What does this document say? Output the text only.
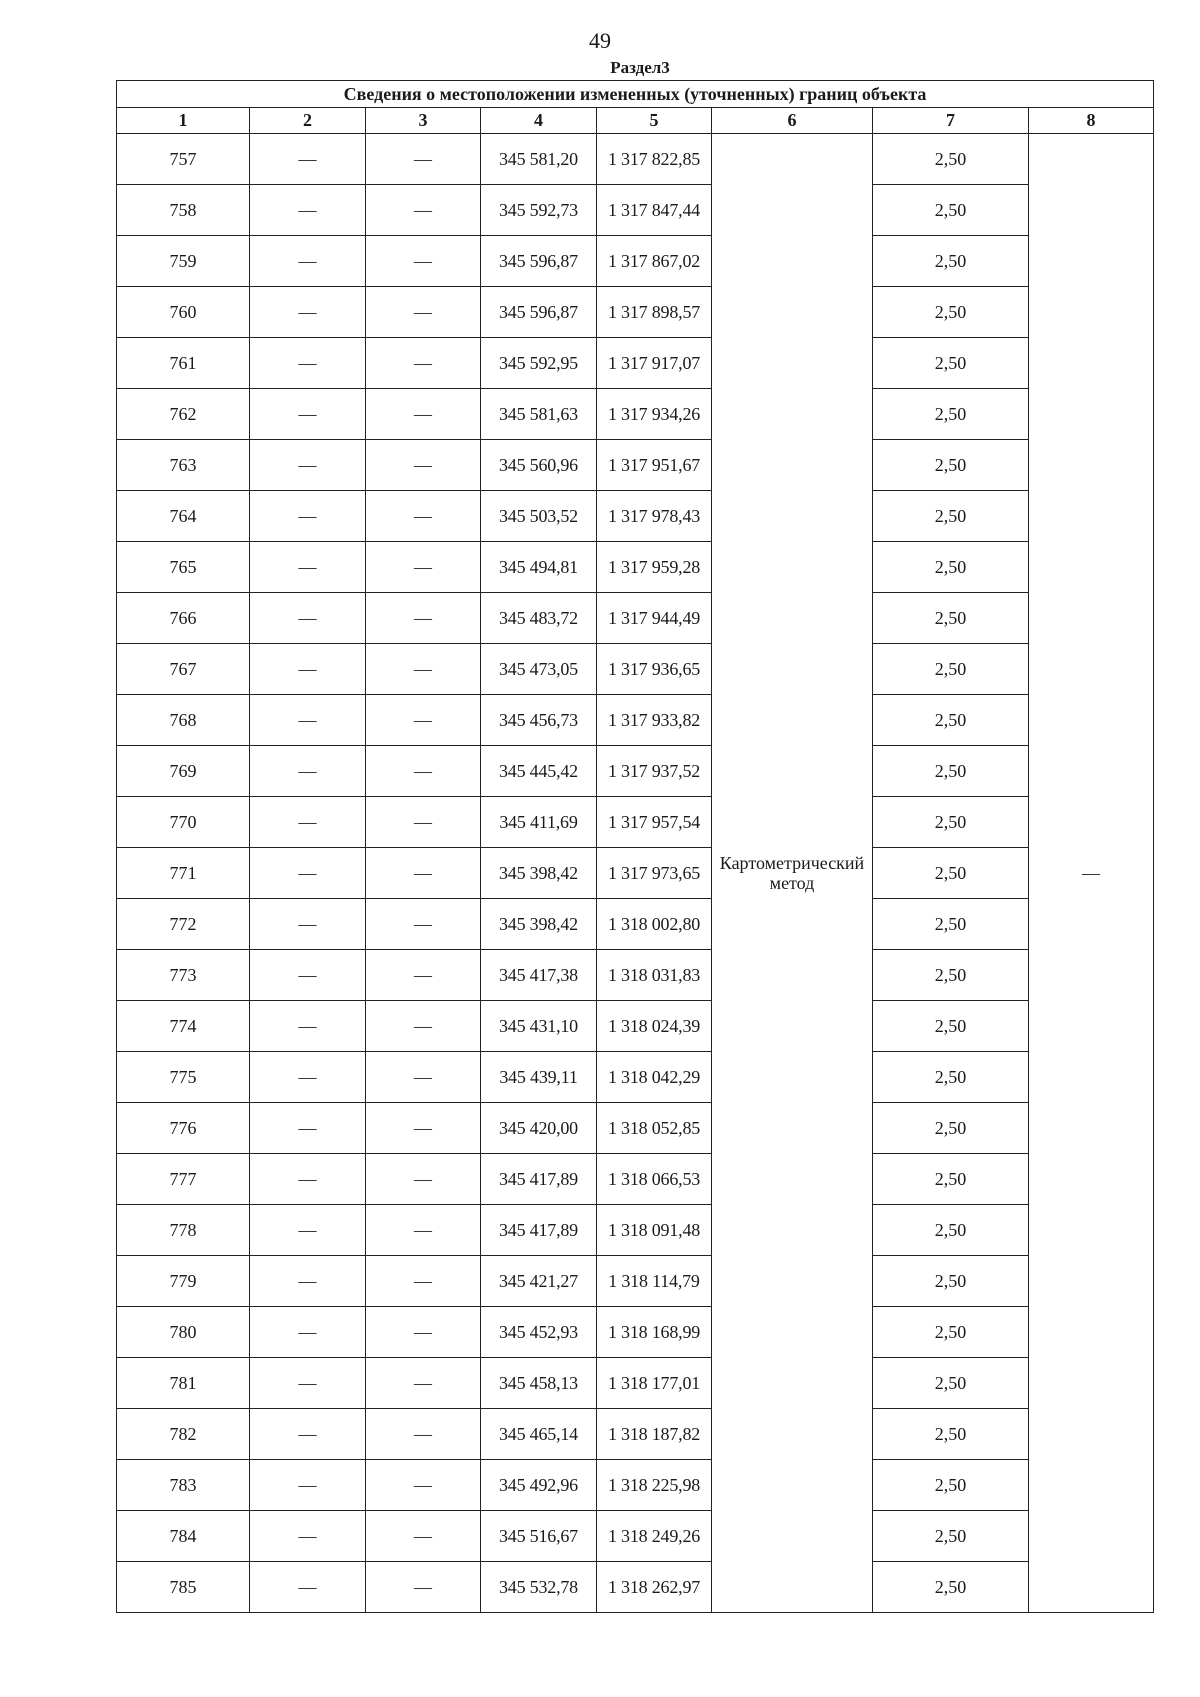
49
Раздел3
Сведения о местоположении измененных (уточненных) границ объекта							
1	2	3	4	5	6	7	8
757	—	—	345 581,20	1 317 822,85	Картометрический метод	2,50	—
758	—	—	345 592,73	1 317 847,44		2,50	
759	—	—	345 596,87	1 317 867,02		2,50	
760	—	—	345 596,87	1 317 898,57		2,50	
761	—	—	345 592,95	1 317 917,07		2,50	
762	—	—	345 581,63	1 317 934,26		2,50	
763	—	—	345 560,96	1 317 951,67		2,50	
764	—	—	345 503,52	1 317 978,43		2,50	
765	—	—	345 494,81	1 317 959,28		2,50	
766	—	—	345 483,72	1 317 944,49		2,50	
767	—	—	345 473,05	1 317 936,65		2,50	
768	—	—	345 456,73	1 317 933,82		2,50	
769	—	—	345 445,42	1 317 937,52		2,50	
770	—	—	345 411,69	1 317 957,54		2,50	
771	—	—	345 398,42	1 317 973,65		2,50	
772	—	—	345 398,42	1 318 002,80		2,50	
773	—	—	345 417,38	1 318 031,83		2,50	
774	—	—	345 431,10	1 318 024,39		2,50	
775	—	—	345 439,11	1 318 042,29		2,50	
776	—	—	345 420,00	1 318 052,85		2,50	
777	—	—	345 417,89	1 318 066,53		2,50	
778	—	—	345 417,89	1 318 091,48		2,50	
779	—	—	345 421,27	1 318 114,79		2,50	
780	—	—	345 452,93	1 318 168,99		2,50	
781	—	—	345 458,13	1 318 177,01		2,50	
782	—	—	345 465,14	1 318 187,82		2,50	
783	—	—	345 492,96	1 318 225,98		2,50	
784	—	—	345 516,67	1 318 249,26		2,50	
785	—	—	345 532,78	1 318 262,97		2,50	
